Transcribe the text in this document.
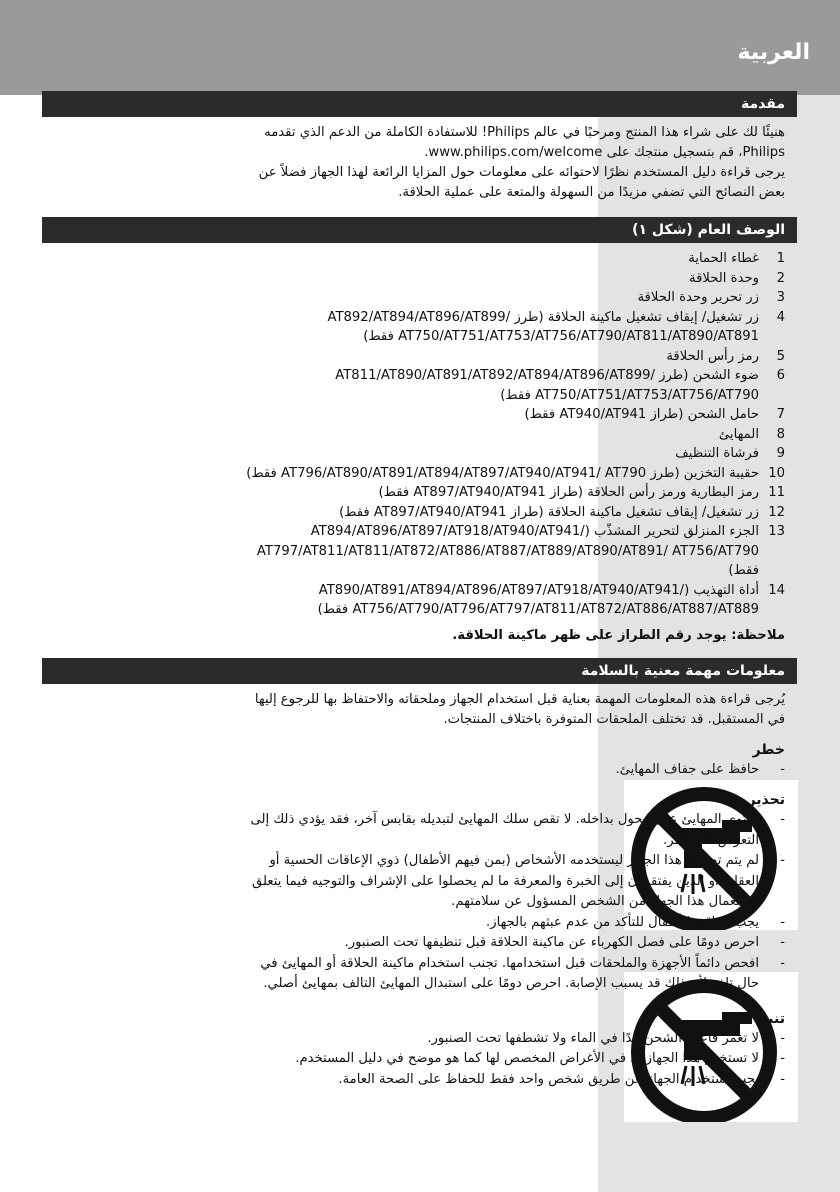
العربية
مقدمة
هنيئًا لك على شراء هذا المنتج ومرحبًا في عالم Philips! للاستفادة الكاملة من الدعم الذي تقدمه Philips، قم بتسجيل منتجك على www.philips.com/welcome.
يرجى قراءة دليل المستخدم نظرًا لاحتوائه على معلومات حول المزايا الرائعة لهذا الجهاز فضلاً عن بعض النصائح التي تضفي مزيدًا من السهولة والمتعة على عملية الحلاقة.
الوصف العام (شكل ١)
1
غطاء الحماية
2
وحدة الحلاقة
3
زر تحرير وحدة الحلاقة
4
زر تشغيل/ إيقاف تشغيل ماكينة الحلاقة (طرز AT892/AT894/AT896/AT899/ AT750/AT751/AT753/AT756/AT790/AT811/AT890/AT891 فقط)
5
رمز رأس الحلاقة
6
ضوء الشحن (طرز AT811/AT890/AT891/AT892/AT894/AT896/AT899/ AT750/AT751/AT753/AT756/AT790 فقط)
7
حامل الشحن (طراز AT940/AT941 فقط)
8
المهايئ
9
فرشاة التنظيف
10
حقيبة التخزين (طرز AT796/AT890/AT891/AT894/AT897/AT940/AT941/ AT790 فقط)
11
رمز البطارية ورمز رأس الحلاقة (طراز AT897/AT940/AT941 فقط)
12
زر تشغيل/ إيقاف تشغيل ماكينة الحلاقة (طراز AT897/AT940/AT941 فقط)
13
الجزء المنزلق لتحرير المشذّب (AT894/AT896/AT897/AT918/AT940/AT941/ AT797/AT811/AT811/AT872/AT886/AT887/AT889/AT890/AT891/ AT756/AT790 فقط)
14
أداة التهذيب (AT890/AT891/AT894/AT896/AT897/AT918/AT940/AT941/ AT756/AT790/AT796/AT797/AT811/AT872/AT886/AT887/AT889 فقط)
ملاحظة: يوجد رقم الطراز على ظهر ماكينة الحلاقة.
معلومات مهمة معنية بالسلامة
يُرجى قراءة هذه المعلومات المهمة بعناية قبل استخدام الجهاز وملحقاته والاحتفاظ بها للرجوع إليها في المستقبل. قد تختلف الملحقات المتوفرة باختلاف المنتجات.
خطر
-
حافظ على جفاف المهايئ.
تحذير
-
يحتوي المهايئ على محول بداخله. لا تقص سلك المهايئ لتبديله بقابس آخر، فقد يؤدي ذلك إلى التعرض للمخاطر.
-
لم يتم تصميم هذا الجهاز ليستخدمه الأشخاص (بمن فيهم الأطفال) ذوي الإعاقات الحسية أو العقلية أو الذين يفتقرون إلى الخبرة والمعرفة ما لم يحصلوا على الإشراف والتوجيه فيما يتعلق باستعمال هذا الجهاز من الشخص المسؤول عن سلامتهم.
-
يجب مراقبة الأطفال للتأكد من عدم عبثهم بالجهاز.
-
احرص دومًا على فصل الكهرباء عن ماكينة الحلاقة قبل تنظيفها تحت الصنبور.
-
افحص دائماً الأجهزة والملحقات قبل استخدامها. تجنب استخدام ماكينة الحلاقة أو المهايئ في حال تلفه لأن ذلك قد يسبب الإصابة. احرص دومًا على استبدال المهايئ التالف بمهايئ أصلي.
تنبيه
-
لا تغمر قاعدة الشحن أبدًا في الماء ولا تشطفها تحت الصنبور.
-
لا تستخدم هذا الجهاز إلا في الأغراض المخصص لها كما هو موضح في دليل المستخدم.
-
يجب استخدام الجهاز عن طريق شخص واحد فقط للحفاظ على الصحة العامة.
